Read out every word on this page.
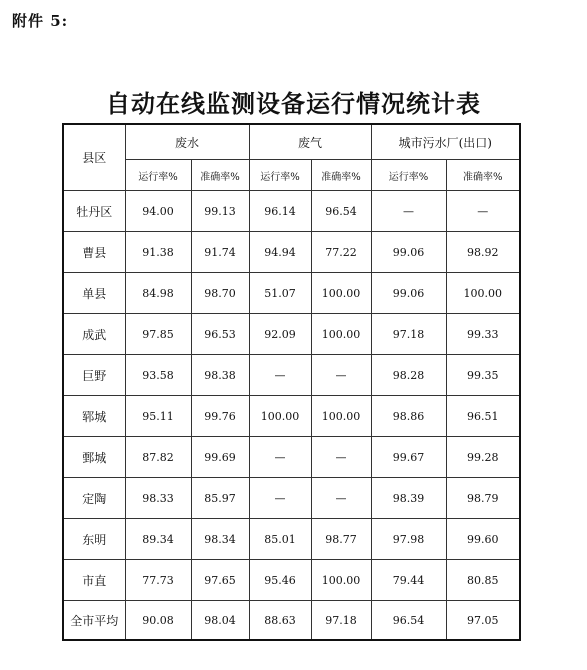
附件 5:
自动在线监测设备运行情况统计表
县区	废水		废气		城市污水厂(出口)	
	运行率%	准确率%	运行率%	准确率%	运行率%	准确率%
牡丹区	94.00	99.13	96.14	96.54	—	—
曹县	91.38	91.74	94.94	77.22	99.06	98.92
单县	84.98	98.70	51.07	100.00	99.06	100.00
成武	97.85	96.53	92.09	100.00	97.18	99.33
巨野	93.58	98.38	—	—	98.28	99.35
郓城	95.11	99.76	100.00	100.00	98.86	96.51
鄄城	87.82	99.69	—	—	99.67	99.28
定陶	98.33	85.97	—	—	98.39	98.79
东明	89.34	98.34	85.01	98.77	97.98	99.60
市直	77.73	97.65	95.46	100.00	79.44	80.85
全市平均	90.08	98.04	88.63	97.18	96.54	97.05
